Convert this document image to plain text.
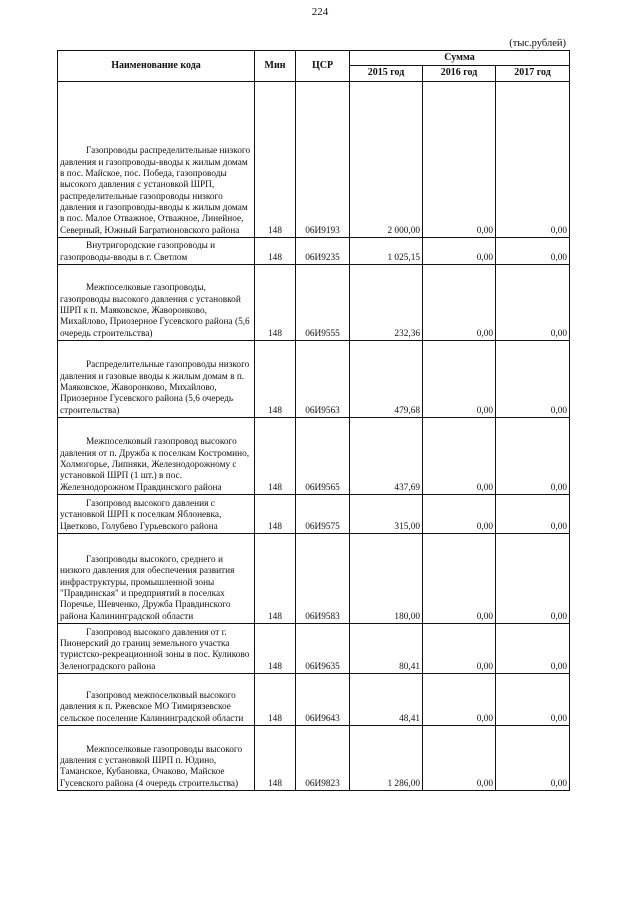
224
(тыс.рублей)
Наименование кода	Мин	ЦСР	Сумма		
			2015 год	2016 год	2017 год

Газопроводы распределительные низкого давления и газопроводы-вводы к жилым домам в пос. Майское, пос. Победа, газопроводы высокого давления с установкой ШРП, распределительные газопроводы низкого давления и газопроводы-вводы к жилым домам в пос. Малое Отважное, Отважное, Линейное, Северный, Южный Багратионовского района	148	06И9193	2 000,00	0,00	0,00

Внутригородские газопроводы и газопроводы-вводы в г. Светлом	148	06И9235	1 025,15	0,00	0,00

Межпоселковые газопроводы, газопроводы высокого давления с установкой ШРП к п. Маяковское, Жаворонково, Михайлово, Приозерное Гусевского района (5,6 очередь строительства)	148	06И9555	232,36	0,00	0,00

Распределительные газопроводы низкого давления и газовые вводы к жилым домам в п. Маяковское, Жаворонково, Михайлово, Приозерное Гусевского района (5,6 очередь строительства)	148	06И9563	479,68	0,00	0,00

Межпоселковый газопровод высокого давления от п. Дружба к поселкам Костромино, Холмогорье, Липняки, Железнодорожному с установкой ШРП (1 шт.) в пос. Железнодорожном Правдинского района	148	06И9565	437,69	0,00	0,00

Газопровод высокого давления с установкой ШРП к поселкам Яблоневка, Цветково, Голубево Гурьевского района	148	06И9575	315,00	0,00	0,00

Газопроводы высокого, среднего и низкого давления для обеспечения развития инфраструктуры, промышленной зоны "Правдинская" и предприятий в поселках Поречье, Шевченко, Дружба Правдинского района Калининградской области	148	06И9583	180,00	0,00	0,00

Газопровод высокого давления от г. Пионерский до границ земельного участка туристско-рекреационной зоны в пос. Куликово Зеленоградского района	148	06И9635	80,41	0,00	0,00

Газопровод межпоселковый высокого давления к п. Ржевское МО Тимирязевское сельское поселение Калининградской области	148	06И9643	48,41	0,00	0,00

Межпоселковые газопроводы высокого давления с установкой ШРП п. Юдино, Таманское, Кубановка, Очаково, Майское Гусевского района (4 очередь строительства)	148	06И9823	1 286,00	0,00	0,00
